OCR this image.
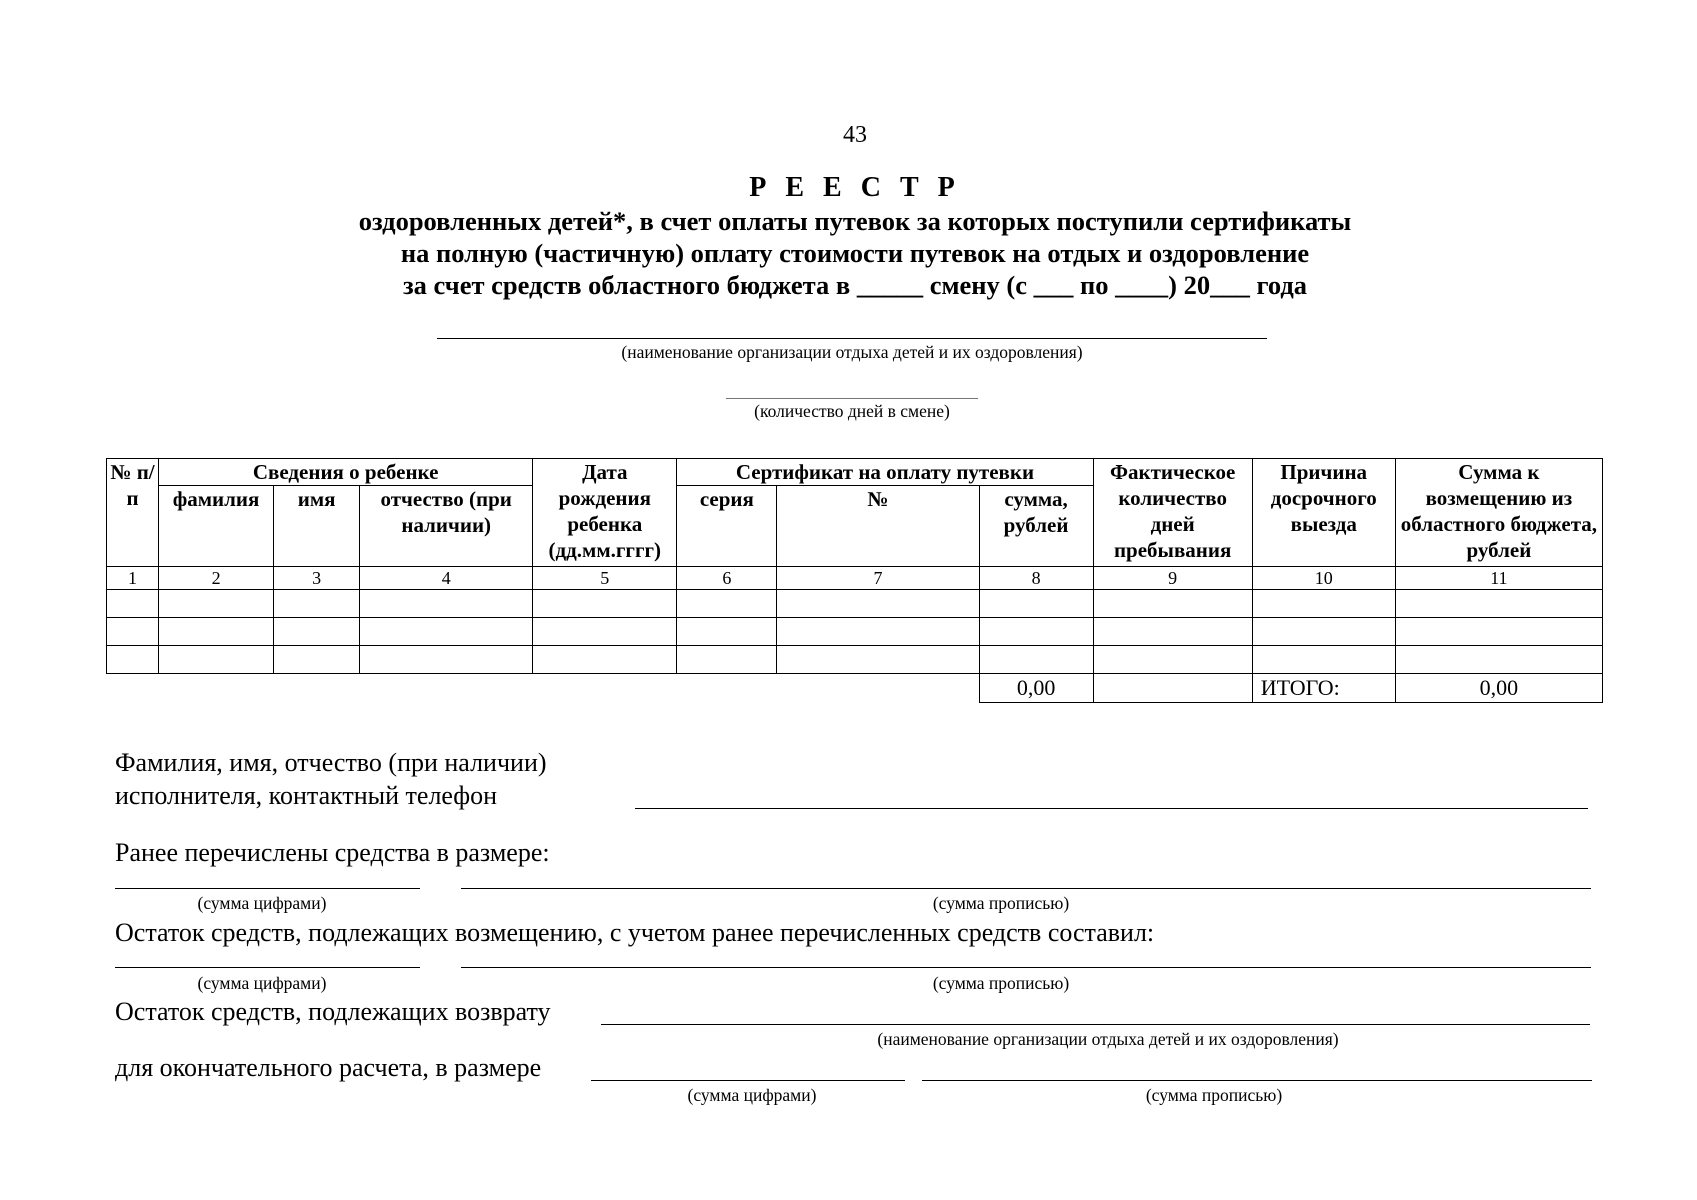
43
Р Е Е С Т Р
оздоровленных детей*, в счет оплаты путевок за которых поступили сертификаты
на полную (частичную) оплату стоимости путевок на отдых и оздоровление
за счет средств областного бюджета в _____ смену (с ___ по ____) 20___ года
(наименование организации отдыха детей и их оздоровления)
(количество дней в смене)
№ п/п	Сведения о ребенке			Дата рождения ребенка (дд.мм.гггг)	Сертификат на оплату путевки			Фактическое количество дней пребывания	Причина досрочного выезда	Сумма к возмещению из областного бюджета, рублей
	фамилия	имя	отчество (при наличии)		серия	№	сумма, рублей			
1	2	3	4	5	6	7	8	9	10	11

							0,00		ИТОГО:	0,00
Фамилия, имя, отчество (при наличии)
исполнителя, контактный телефон
Ранее перечислены средства в размере:
(сумма цифрами)	(сумма прописью)
Остаток средств, подлежащих возмещению, с учетом ранее перечисленных средств составил:
(сумма цифрами)	(сумма прописью)
Остаток средств, подлежащих возврату
(наименование организации отдыха детей и их оздоровления)
для окончательного расчета, в размере
(сумма цифрами)	(сумма прописью)
